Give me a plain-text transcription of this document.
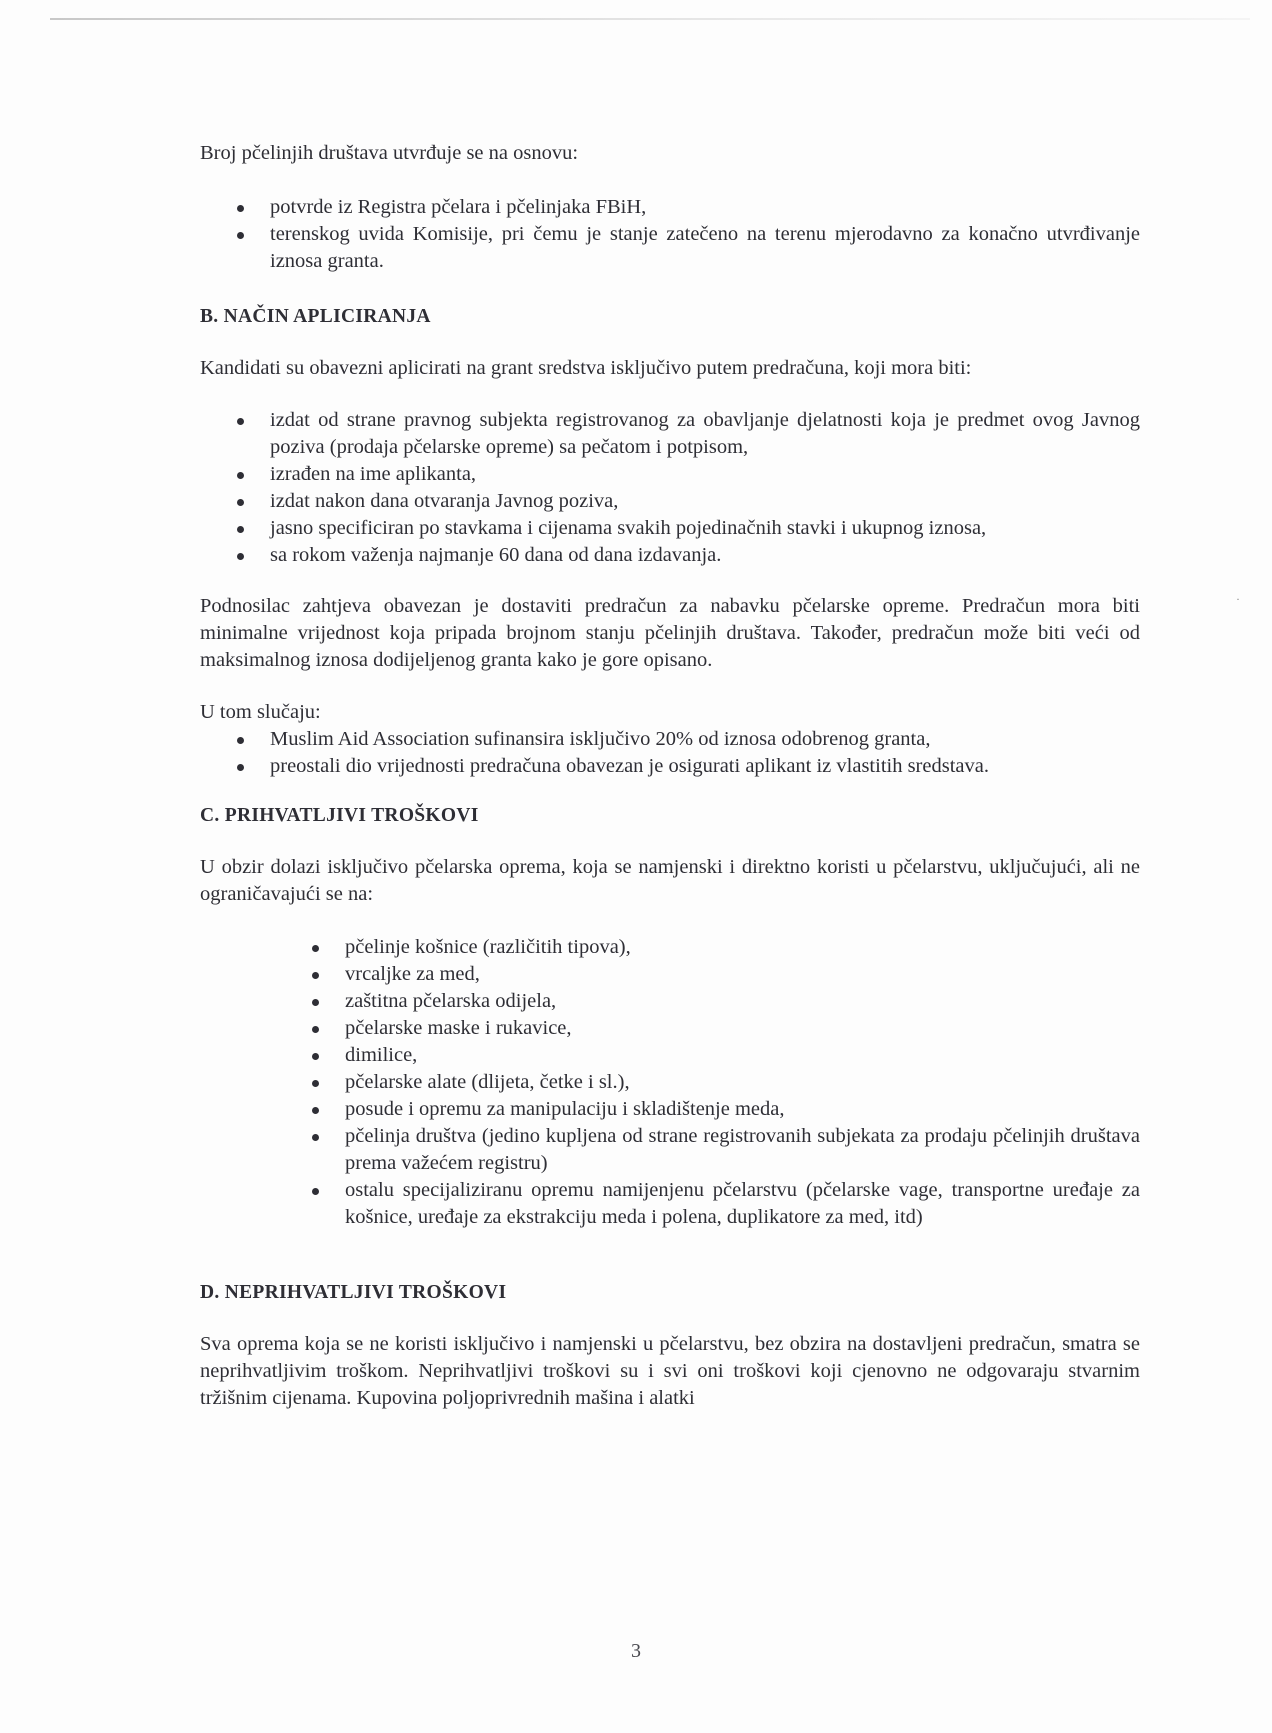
·

Broj pčelinjih društava utvrđuje se na osnovu:

potvrde iz Registra pčelara i pčelinjaka FBiH,
terenskog uvida Komisije, pri čemu je stanje zatečeno na terenu mjerodavno za konačno utvrđivanje iznosa granta.

B. NAČIN APLICIRANJA

Kandidati su obavezni aplicirati na grant sredstva isključivo putem predračuna, koji mora biti:

izdat od strane pravnog subjekta registrovanog za obavljanje djelatnosti koja je predmet ovog Javnog poziva (prodaja pčelarske opreme) sa pečatom i potpisom,
izrađen na ime aplikanta,
izdat nakon dana otvaranja Javnog poziva,
jasno specificiran po stavkama i cijenama svakih pojedinačnih stavki i ukupnog iznosa,
sa rokom važenja najmanje 60 dana od dana izdavanja.

Podnosilac zahtjeva obavezan je dostaviti predračun za nabavku pčelarske opreme. Predračun mora biti minimalne vrijednost koja pripada brojnom stanju pčelinjih društava. Također, predračun može biti veći od maksimalnog iznosa dodijeljenog granta kako je gore opisano.

U tom slučaju:

Muslim Aid Association sufinansira isključivo 20% od iznosa odobrenog granta,
preostali dio vrijednosti predračuna obavezan je osigurati aplikant iz vlastitih sredstava.

C. PRIHVATLJIVI TROŠKOVI

U obzir dolazi isključivo pčelarska oprema, koja se namjenski i direktno koristi u pčelarstvu, uključujući, ali ne ograničavajući se na:

pčelinje košnice (različitih tipova),
vrcaljke za med,
zaštitna pčelarska odijela,
pčelarske maske i rukavice,
dimilice,
pčelarske alate (dlijeta, četke i sl.),
posude i opremu za manipulaciju i skladištenje meda,
pčelinja društva (jedino kupljena od strane registrovanih subjekata za prodaju pčelinjih društava prema važećem registru)
ostalu specijaliziranu opremu namijenjenu pčelarstvu (pčelarske vage, transportne uređaje za košnice, uređaje za ekstrakciju meda i polena, duplikatore za med, itd)

D. NEPRIHVATLJIVI TROŠKOVI

Sva oprema koja se ne koristi isključivo i namjenski u pčelarstvu, bez obzira na dostavljeni predračun, smatra se neprihvatljivim troškom. Neprihvatljivi troškovi su i svi oni troškovi koji cjenovno ne odgovaraju stvarnim tržišnim cijenama. Kupovina poljoprivrednih mašina i alatki

3
